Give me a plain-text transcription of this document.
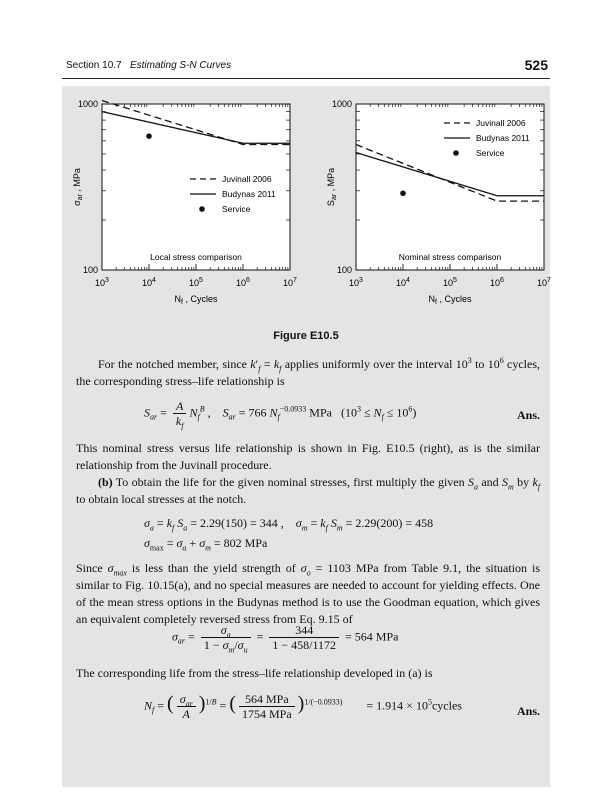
Section 10.7 Estimating S-N Curves	525
$10^3$	$10^4$	$10^5$	$10^6$	$10^7$
100
1000
Juvinall 2006
Budynas 2011
Service
Local stress comparison
$N_f$ , Cycles
$\sigma_{ar}$ , MPa
$10^3$	$10^4$	$10^5$	$10^6$	$10^7$
100
1000
Juvinall 2006
Budynas 2011
Service
Nominal stress comparison
$N_f$ , Cycles
$S_{ar}$ , MPa
Figure E10.5
For the notched member, since $k'_f = k_f$ applies uniformly over the interval $10^3$ to $10^6$ cycles, the corresponding stress–life relationship is
$S_{ar} = \frac{A}{k_f} N_f^B$ ,    $S_{ar} = 766$ $N_f^{-0.0933}$ MPa $(10^3 \le N_f \le 10^6)$	Ans.
This nominal stress versus life relationship is shown in Fig. E10.5 (right), as is the similar relationship from the Juvinall procedure.
(b) To obtain the life for the given nominal stresses, first multiply the given $S_a$ and $S_m$ by $k_f$ to obtain local stresses at the notch.
$\sigma_a = k_f$ $S_a = 2.29(150) = 344$ , $\sigma_m = k_f$ $S_m = 2.29(200) = 458$
$\sigma_{max} = \sigma_a + \sigma_m = 802$ MPa
Since $\sigma_{max}$ is less than the yield strength of $\sigma_o = 1103$ MPa from Table 9.1, the situation is similar to Fig. 10.15(a), and no special measures are needed to account for yielding effects. One of the mean stress options in the Budynas method is to use the Goodman equation, which gives an equivalent completely reversed stress from Eq. 9.15 of
$\sigma_{ar} = \frac{\sigma_a}{1 - \sigma_m/\sigma_u} = \frac{344}{1 - 458/1172} = 564$ MPa
The corresponding life from the stress–life relationship developed in (a) is
$N_f$ = ( $\frac{\sigma_{ar}}{A} )^{1/B}$ = ( $\frac{\text{564 MPa}}{\text{1754 MPa}} )^{1/(-0.0933)} = 1.914$ × $10^5cycles$	Ans.
